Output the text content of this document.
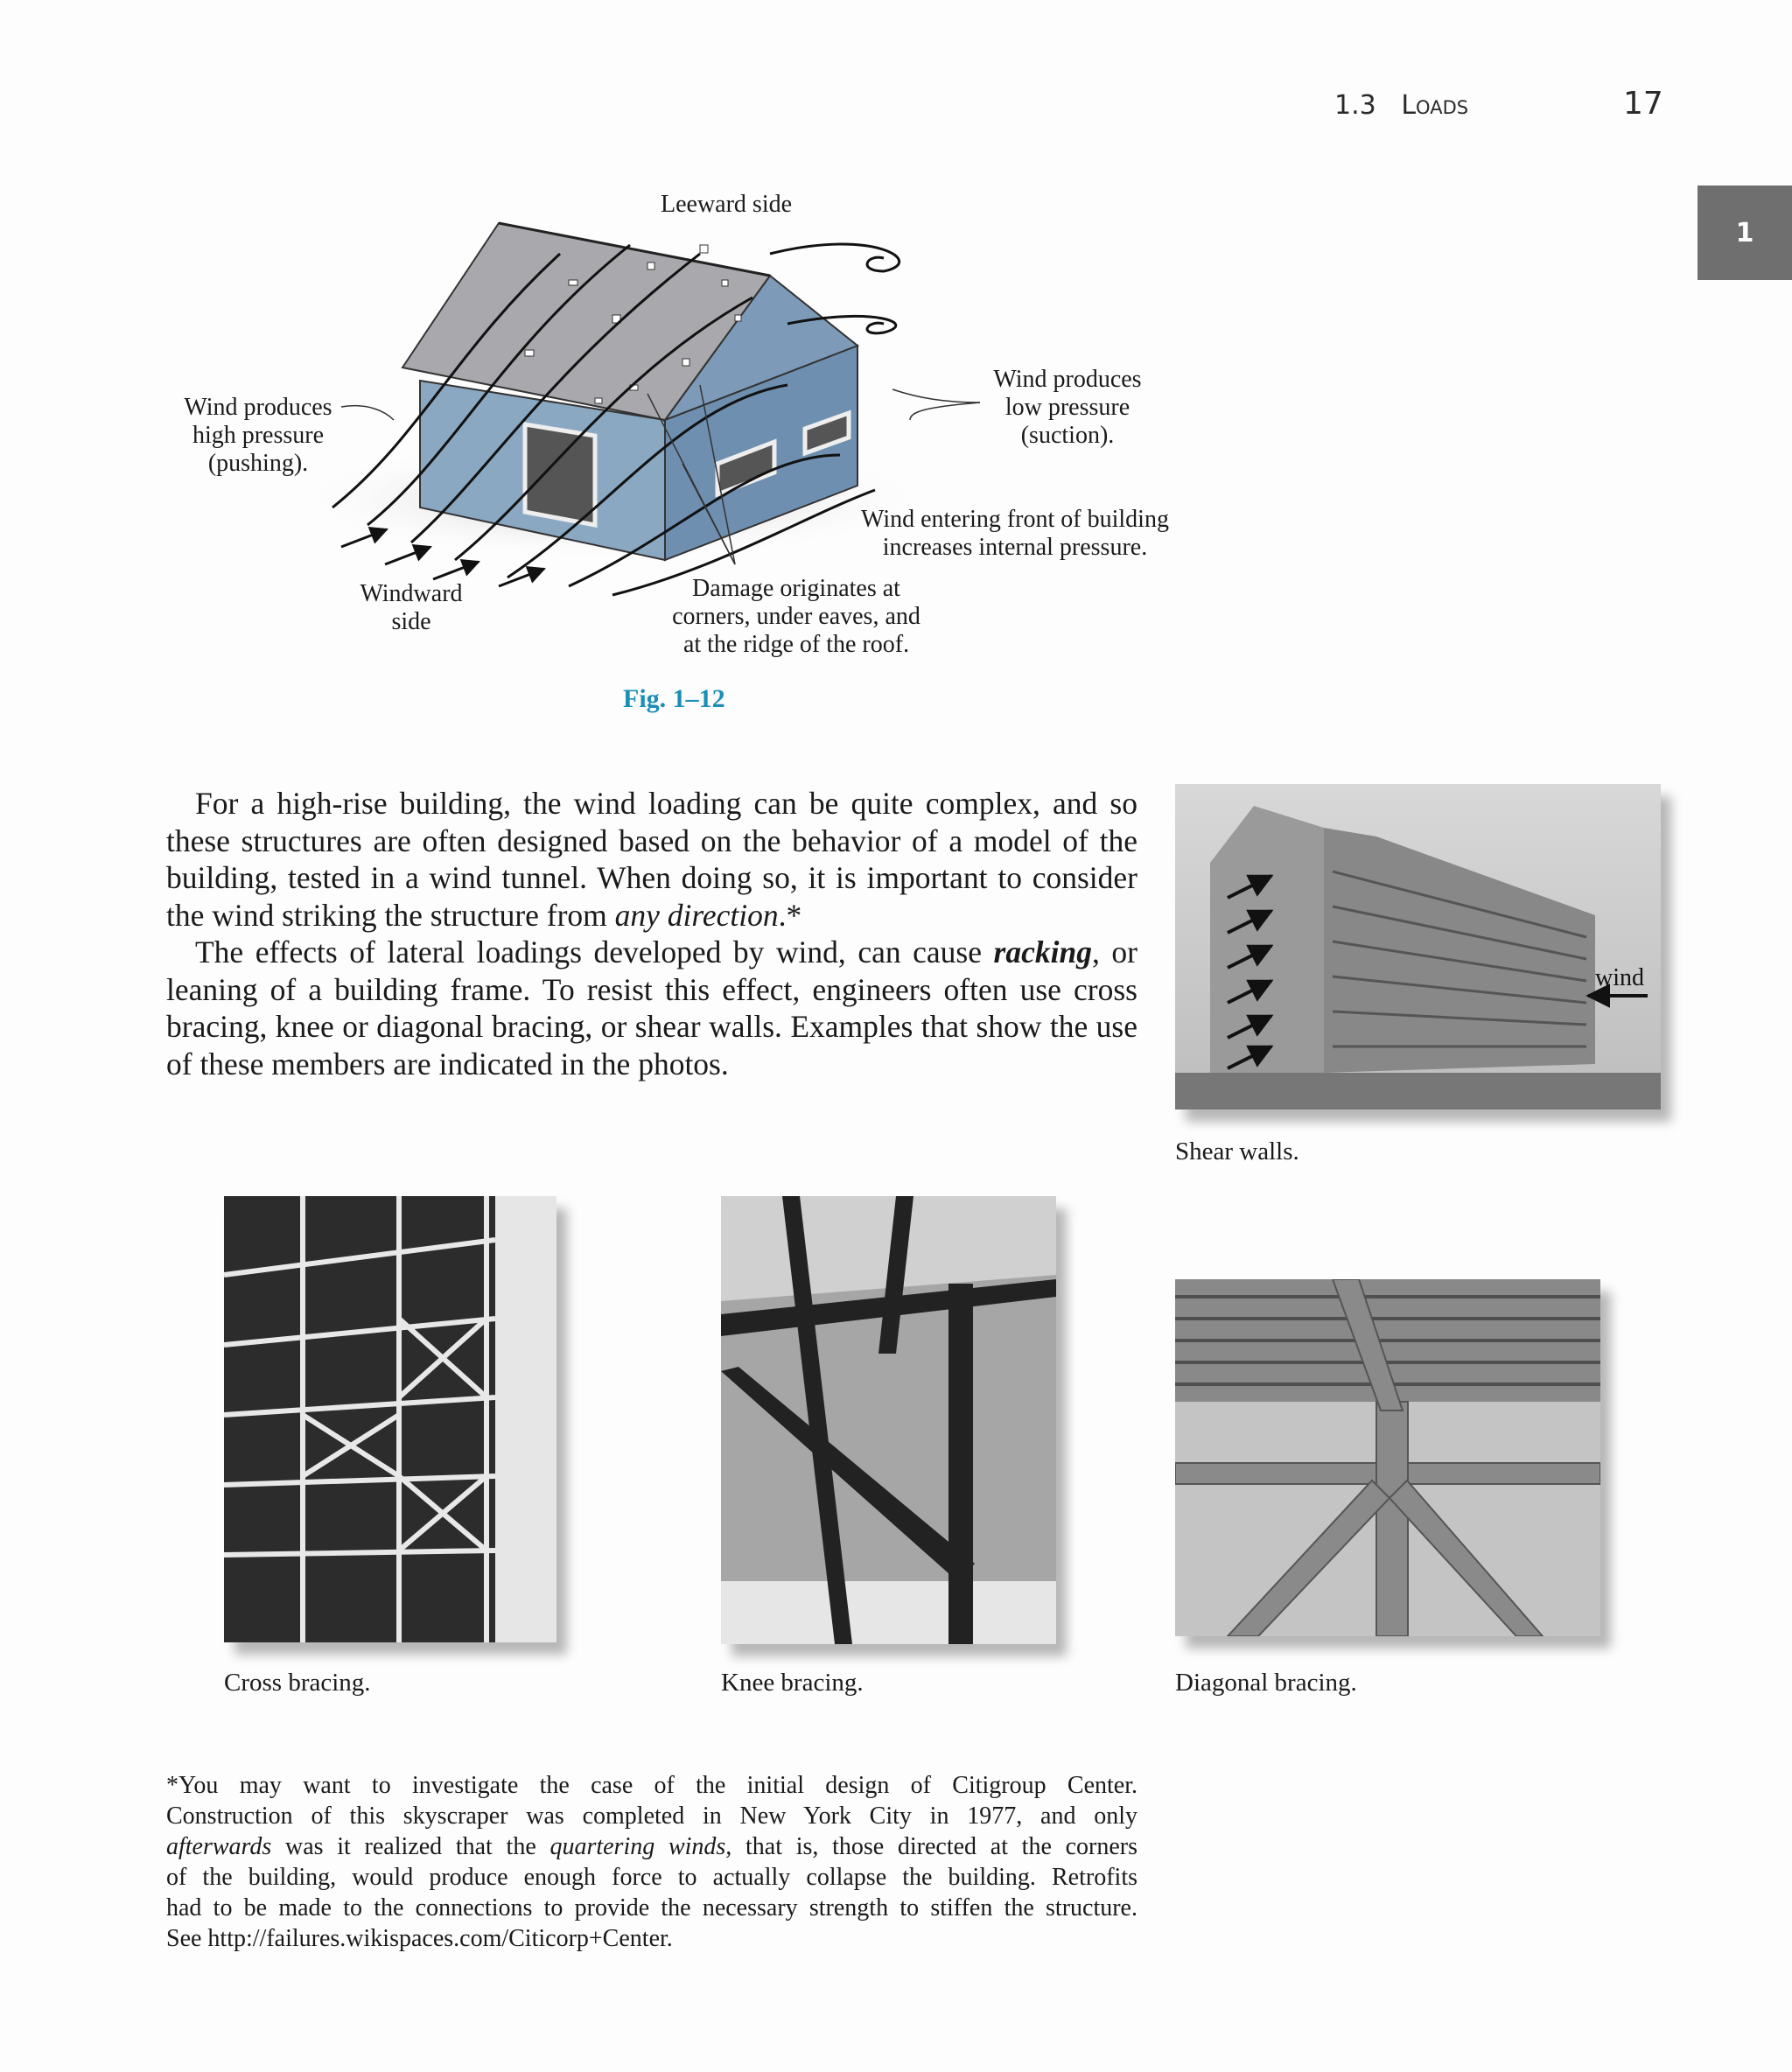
1.3 Loads	17
1
Leeward side
Wind produces
high pressure
(pushing).
Wind produces
low pressure
(suction).
Wind entering front of building
increases internal pressure.
Windward
side
Damage originates at
corners, under eaves, and
at the ridge of the roof.
Fig. 1–12

For a high-rise building, the wind loading can be quite complex, and so these structures are often designed based on the behavior of a model of the building, tested in a wind tunnel. When doing so, it is important to consider the wind striking the structure from any direction.*

The effects of lateral loadings developed by wind, can cause racking, or leaning of a building frame. To resist this effect, engineers often use cross bracing, knee or diagonal bracing, or shear walls. Examples that show the use of these members are indicated in the photos.

wind
Shear walls.
Cross bracing.	Knee bracing.	Diagonal bracing.
*You may want to investigate the case of the initial design of Citigroup Center.
Construction of this skyscraper was completed in New York City in 1977, and only
afterwards was it realized that the quartering winds, that is, those directed at the corners
of the building, would produce enough force to actually collapse the building. Retrofits
had to be made to the connections to provide the necessary strength to stiffen the structure.
See http://failures.wikispaces.com/Citicorp+Center.
